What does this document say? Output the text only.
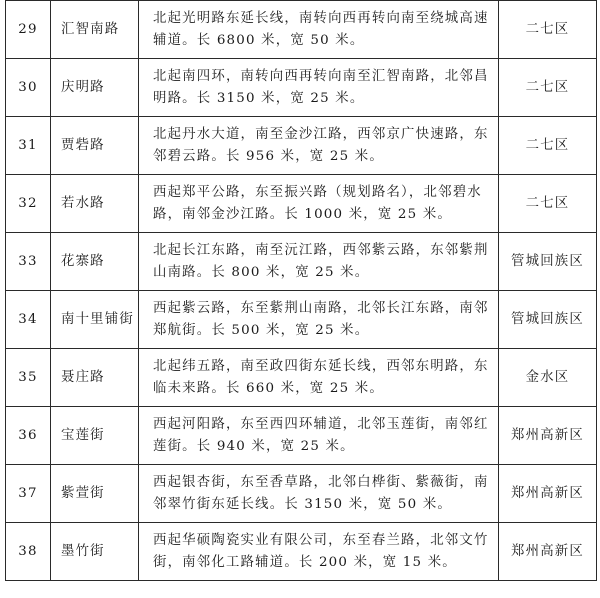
29	汇智南路	北起光明路东延长线，南转向西再转向南至绕城高速辅道。长 6800 米，宽 50 米。	二七区
30	庆明路	北起南四环，南转向西再转向南至汇智南路，北邻昌明路。长 3150 米，宽 25 米。	二七区
31	贾砦路	北起丹水大道，南至金沙江路，西邻京广快速路，东邻碧云路。长 956 米，宽 25 米。	二七区
32	若水路	西起郑平公路，东至振兴路（规划路名），北邻碧水路，南邻金沙江路。长 1000 米，宽 25 米。	二七区
33	花寨路	北起长江东路，南至沅江路，西邻紫云路，东邻紫荆山南路。长 800 米，宽 25 米。	管城回族区
34	南十里铺街	西起紫云路，东至紫荆山南路，北邻长江东路，南邻郑航街。长 500 米，宽 25 米。	管城回族区
35	聂庄路	北起纬五路，南至政四街东延长线，西邻东明路，东临未来路。长 660 米，宽 25 米。	金水区
36	宝莲街	西起河阳路，东至西四环辅道，北邻玉莲街，南邻红莲街。长 940 米，宽 25 米。	郑州高新区
37	紫萱街	西起银杏街，东至香草路，北邻白桦街、紫薇街，南邻翠竹街东延长线。长 3150 米，宽 50 米。	郑州高新区
38	墨竹街	西起华硕陶瓷实业有限公司，东至春兰路，北邻文竹街，南邻化工路辅道。长 200 米，宽 15 米。	郑州高新区
